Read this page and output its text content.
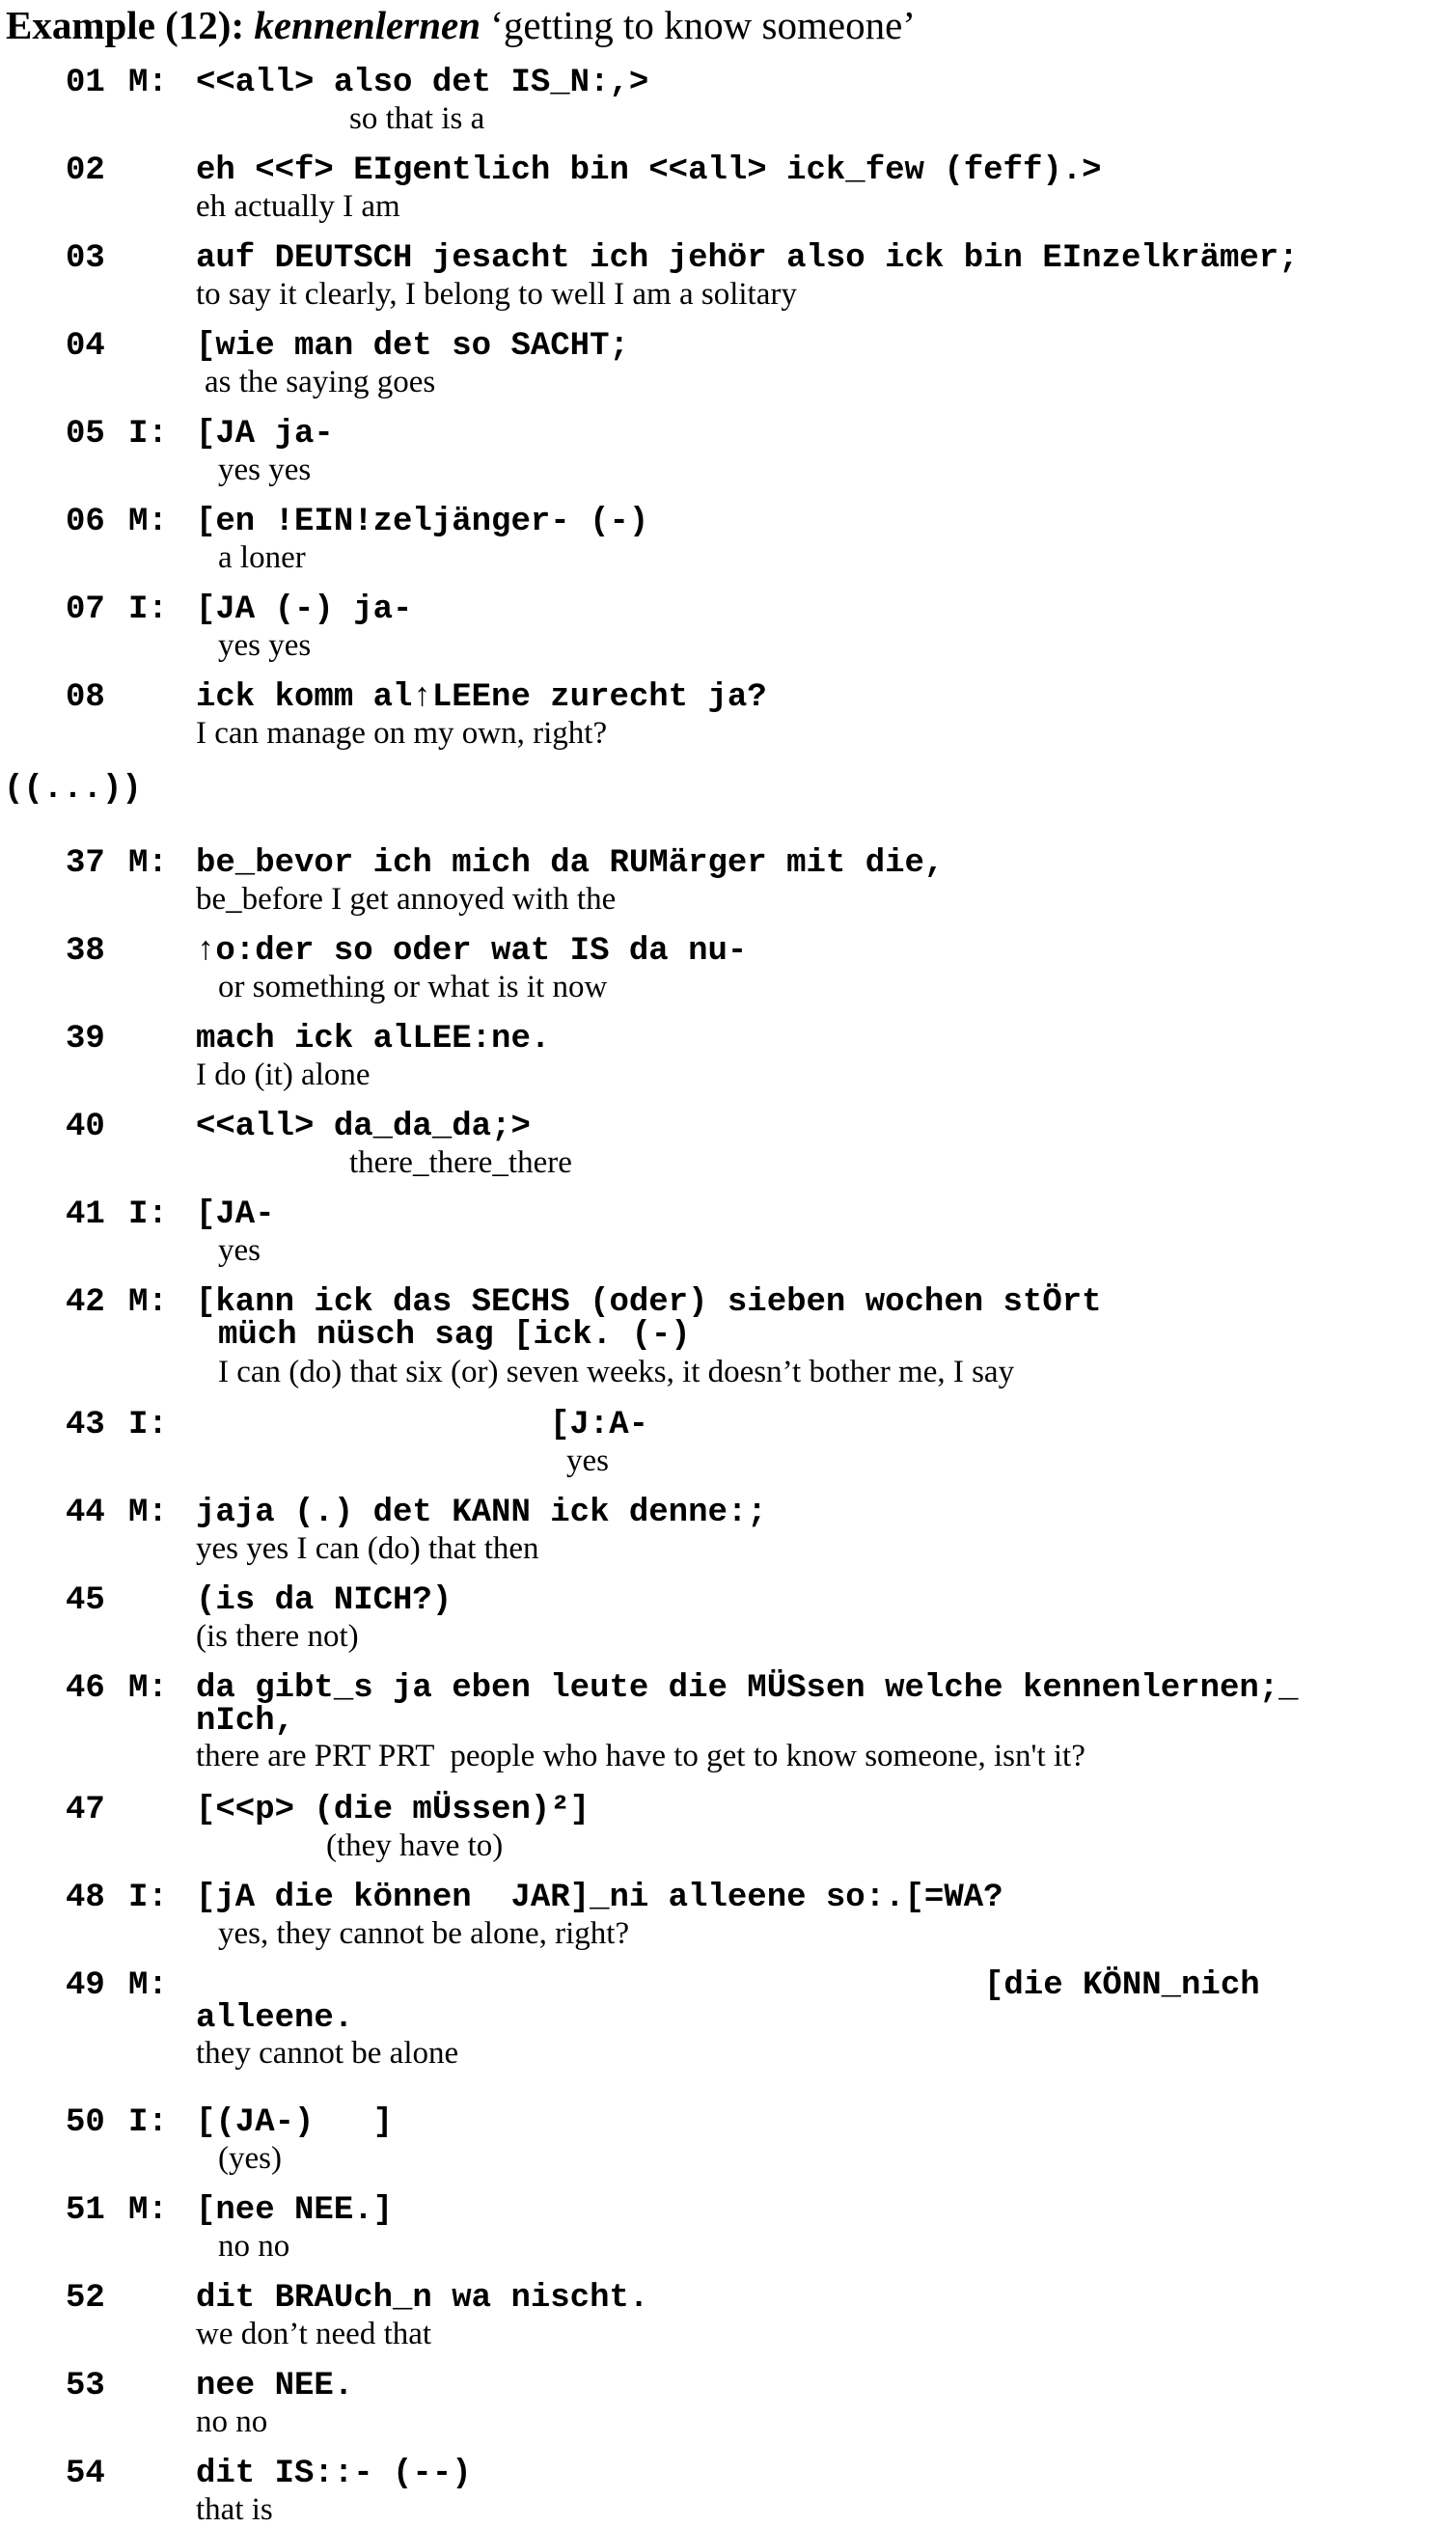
Example (12): kennenlernen ‘getting to know someone’
((...))
01 M: <<all> also det IS_N:,>
so that is a
02	eh <<f> EIgentlich bin <<all> ick_few (feff).>
eh actually I am
03	auf DEUTSCH jesacht ich jehör also ick bin EInzelkrämer;
to say it clearly, I belong to well I am a solitary
04	[wie man det so SACHT;
as the saying goes
05 I: [JA ja-
yes yes
06 M: [en !EIN!zeljänger- (-)
a loner
07 I: [JA (-) ja-
yes yes
08	ick komm al↑LEEne zurecht ja?
I can manage on my own, right?
37 M: be_bevor ich mich da RUMärger mit die,
be_before I get annoyed with the
38	↑o:der so oder wat IS da nu-
or something or what is it now
39	mach ick alLEE:ne.
I do (it) alone
40	<<all> da_da_da;>
there_there_there
41 I: [JA-
yes
42 M: [kann ick das SECHS (oder) sieben wochen stÖrt
müch nüsch sag [ick. (-)
I can (do) that six (or) seven weeks, it doesn’t bother me, I say
43 I:	[J:A-
yes
44 M: jaja (.) det KANN ick denne:;
yes yes I can (do) that then
45	(is da NICH?)
(is there not)
46 M: da gibt_s ja eben leute die MÜSsen welche kennenlernen;_
nIch,
there are PRT PRT  people who have to get to know someone, isn't it?
47	[<<p> (die mÜssen)²]
(they have to)
48 I: [jA die können  JAR]_ni alleene so:.[=WA?
yes, they cannot be alone, right?
49 M:	[die KÖNN_nich
alleene.
they cannot be alone
50 I: [(JA-)   ]
(yes)
51 M: [nee NEE.]
no no
52	dit BRAUch_n wa nischt.
we don’t need that
53	nee NEE.
no no
54	dit IS::- (--)
that is
